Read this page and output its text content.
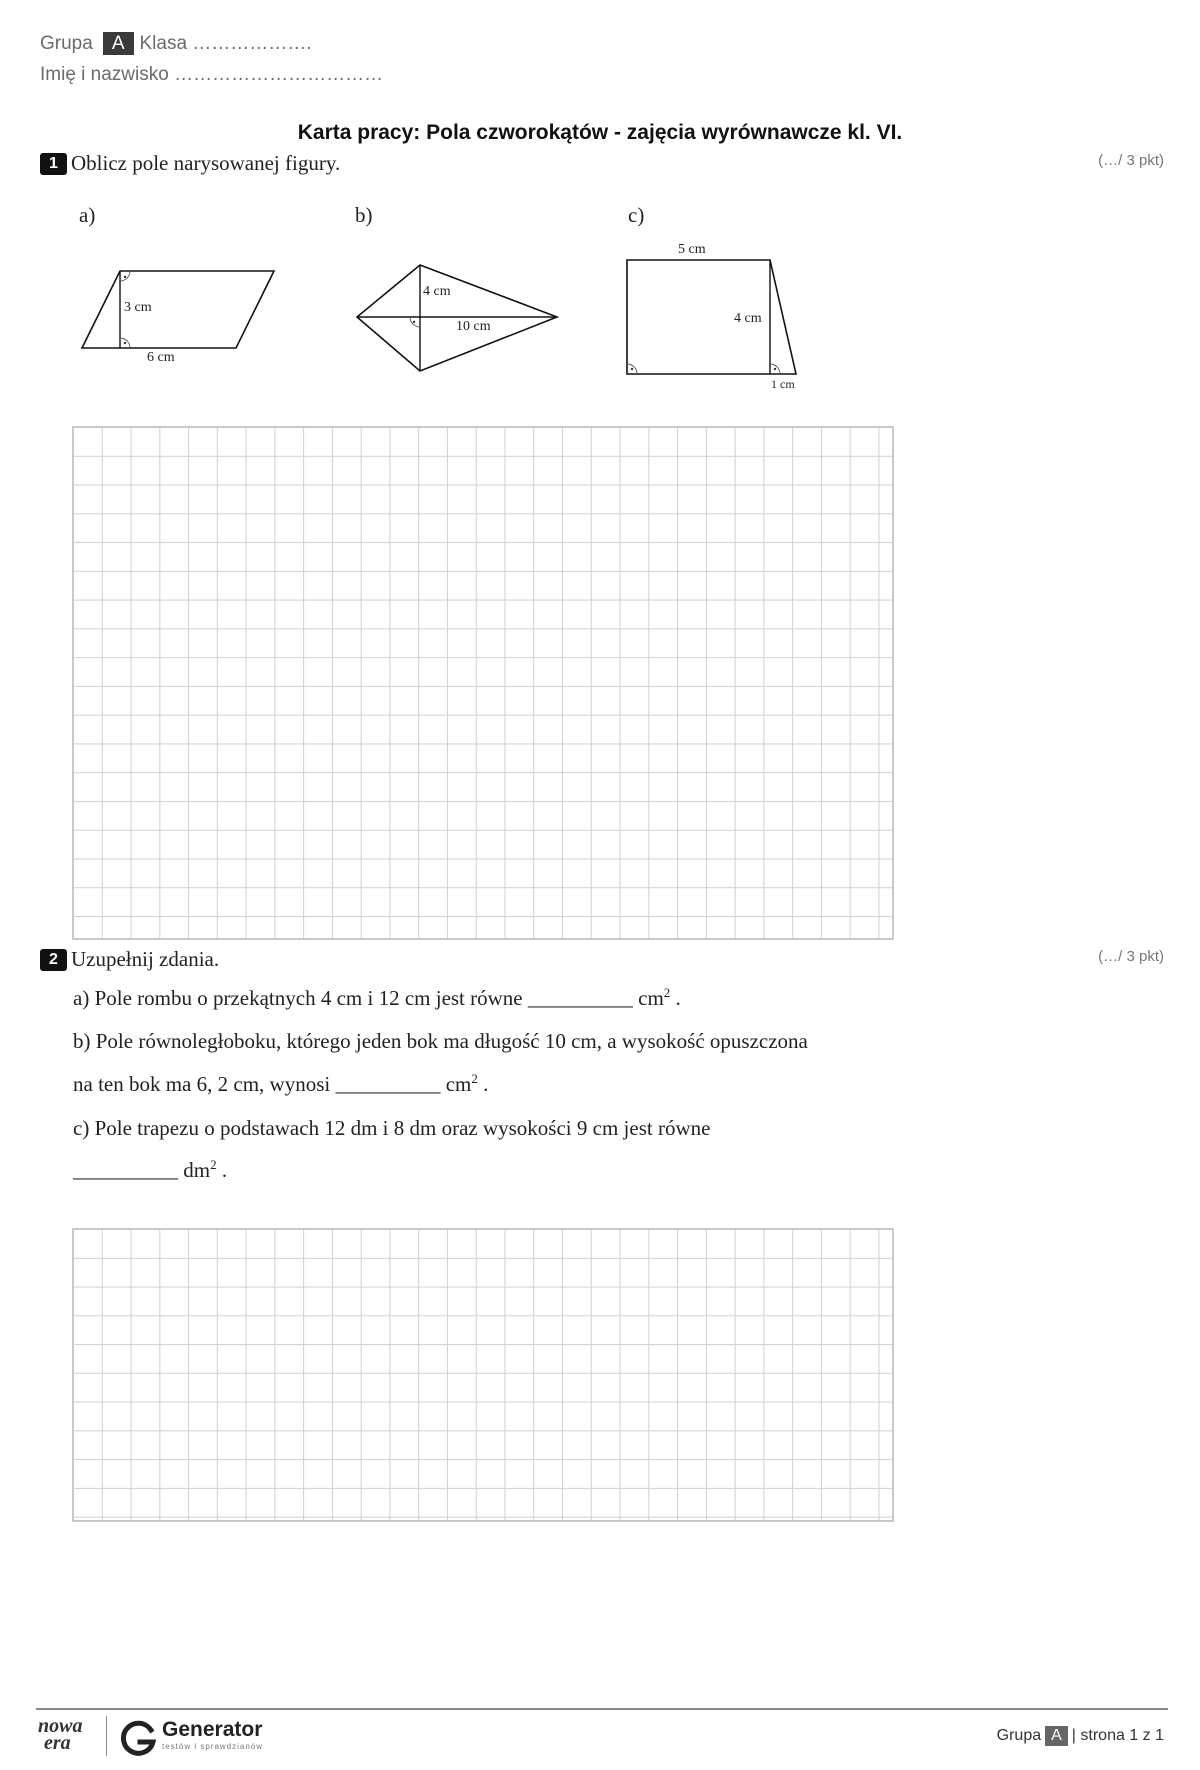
Grupa A Klasa ……………….
Imię i nazwisko ……………………………
Karta pracy: Pola czworokątów - zajęcia wyrównawcze kl. VI.
1 Oblicz pole narysowanej figury.	(…/ 3 pkt)
a)	b)	c)
3 cm
6 cm
4 cm
10 cm
5 cm
4 cm
1 cm
2 Uzupełnij zdania.	(…/ 3 pkt)
a) Pole rombu o przekątnych 4 cm i 12 cm jest równe __________ $cm^2$ .
b) Pole równoległoboku, którego jeden bok ma długość 10 cm, a wysokość opuszczona
na ten bok ma 6, 2 cm, wynosi __________ $cm^2$ .
c) Pole trapezu o podstawach 12 dm i 8 dm oraz wysokości 9 cm jest równe
__________ $dm^2$ .
nowa
era
Generator
testów i sprawdzianów
Grupa A | strona 1 z 1
